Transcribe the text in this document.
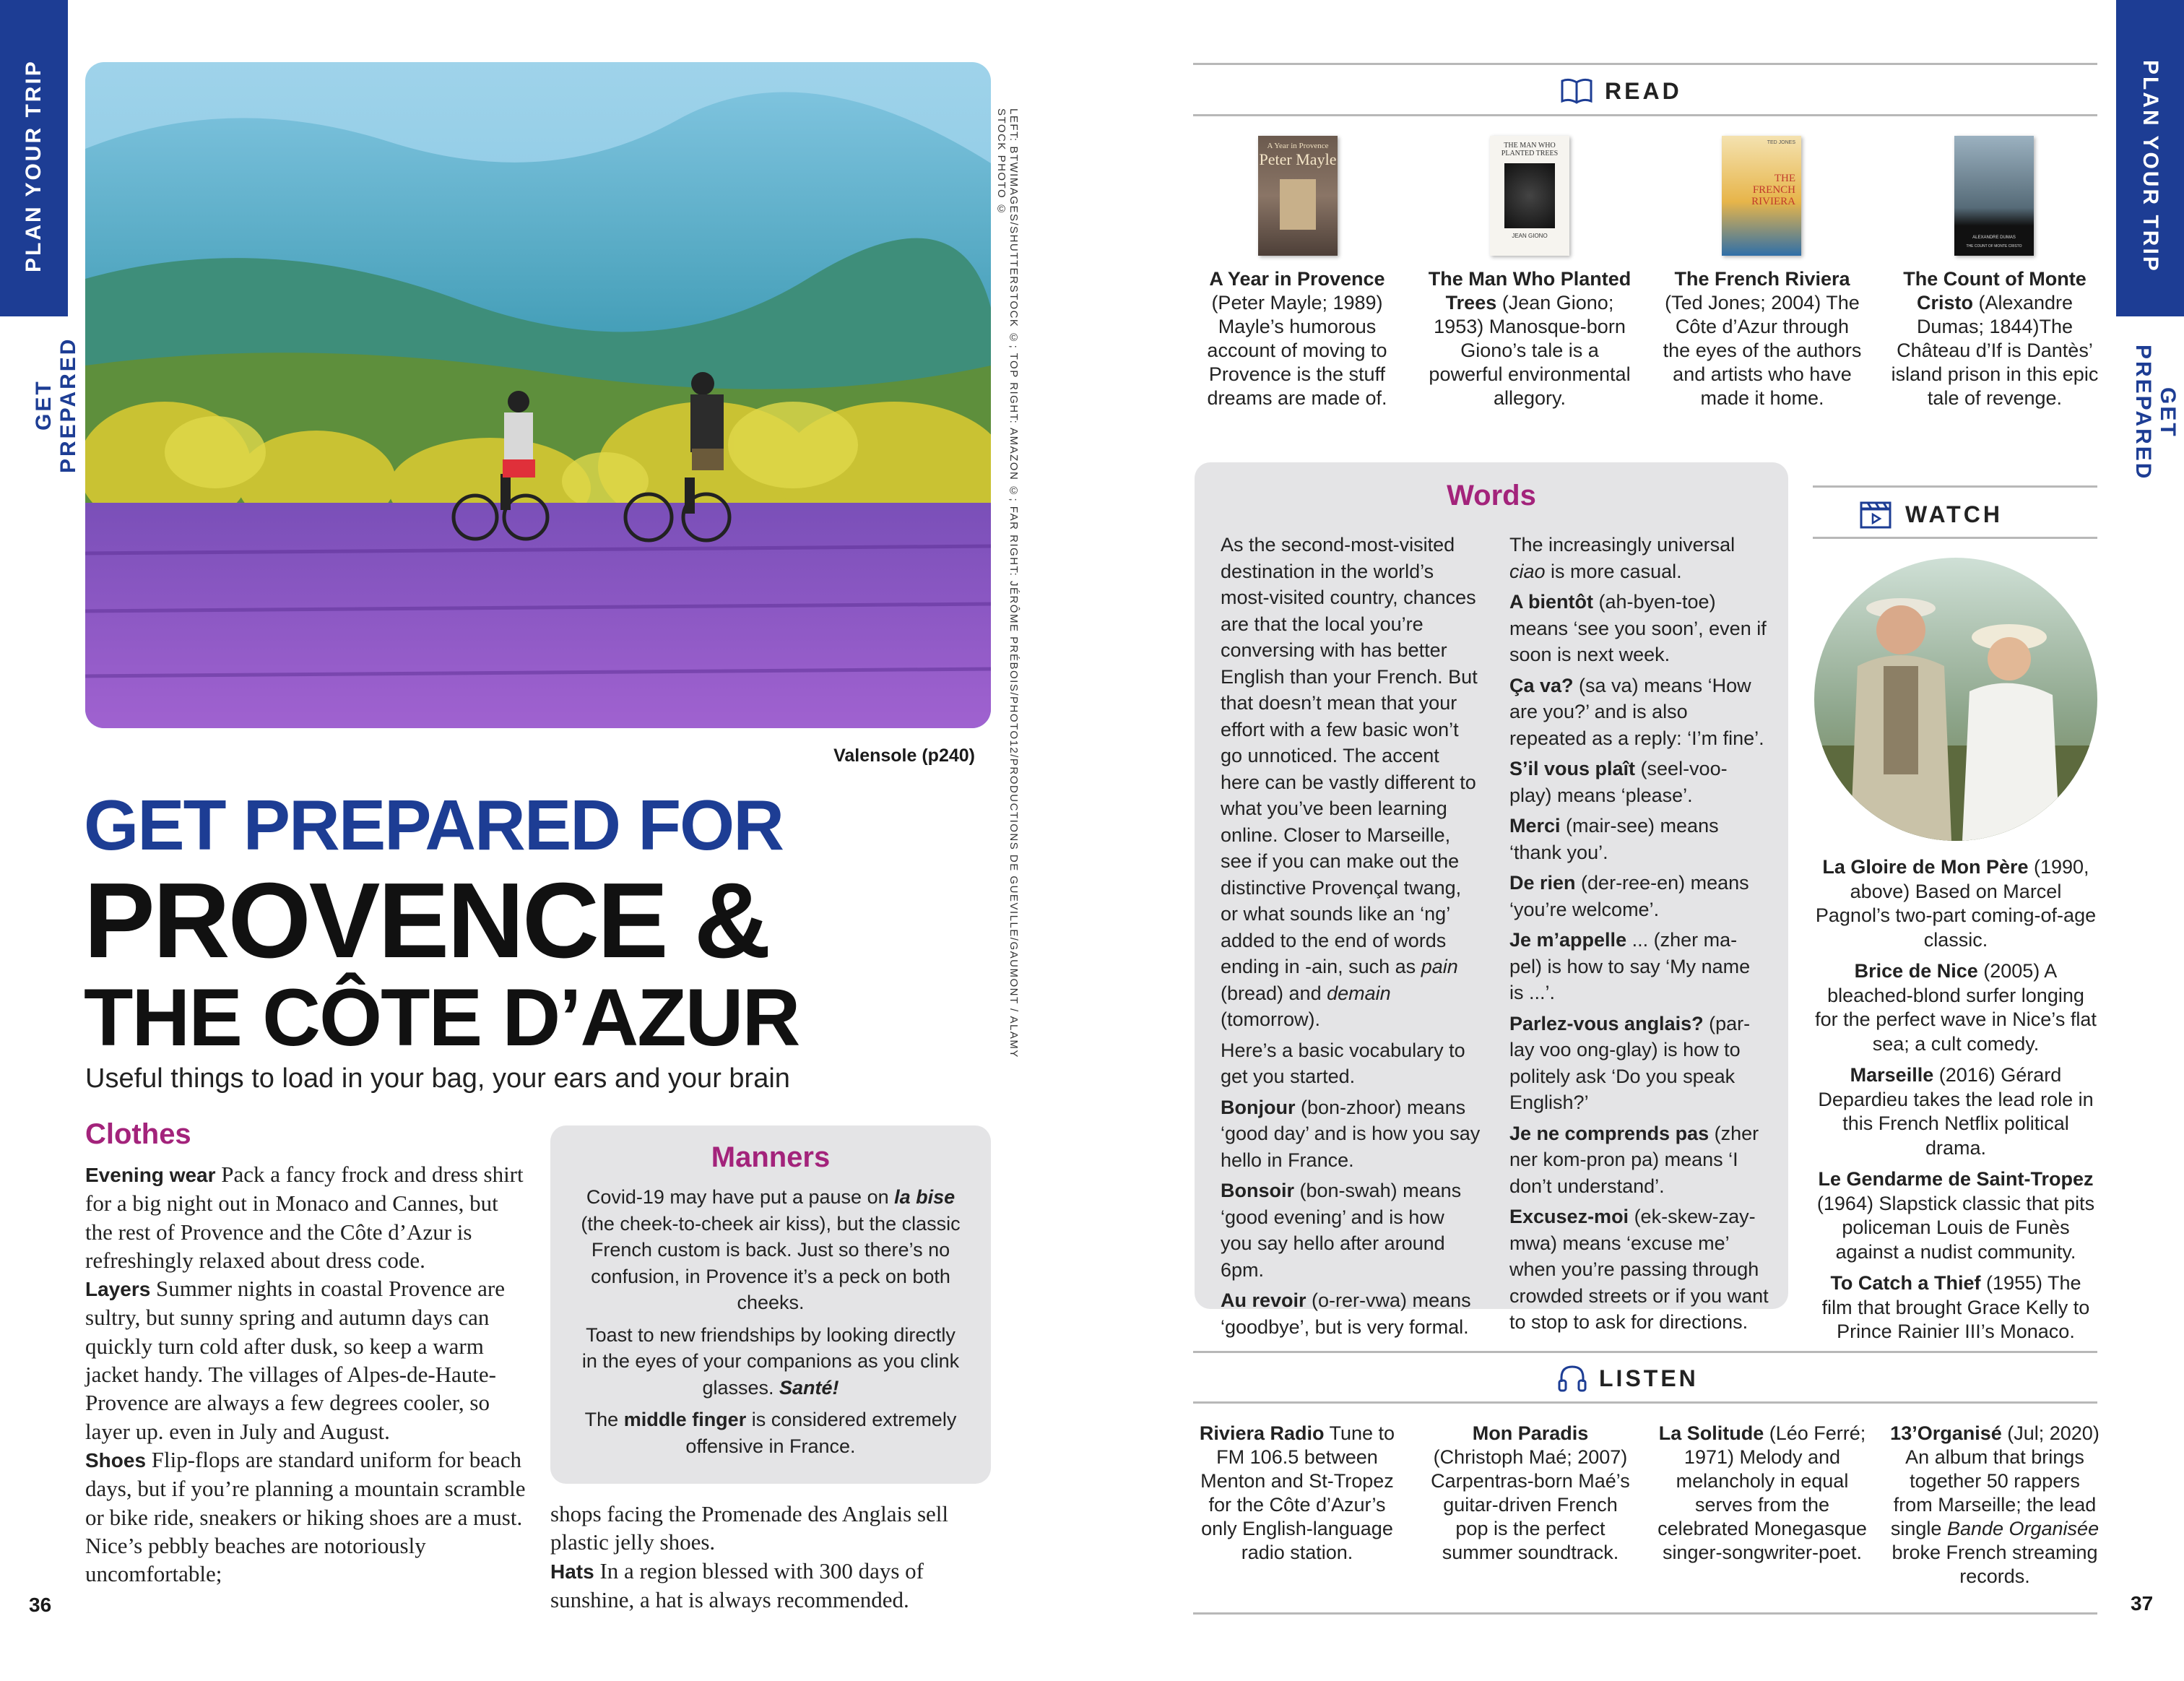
PLAN YOUR TRIP
GET PREPARED
PLAN YOUR TRIP
GET PREPARED
LEFT: BTWIMAGES/SHUTTERSTOCK ©; TOP RIGHT: AMAZON ©; FAR RIGHT: JÉRÔME PRÉBOIS/PHOTO12/PRODUCTIONS DE GUEVILLE/GAUMONT / ALAMY STOCK PHOTO ©
Valensole (p240)
GET PREPARED FOR
PROVENCE &
THE CÔTE D’AZUR
Useful things to load in your bag, your ears and your brain
Clothes
Evening wear Pack a fancy frock and dress shirt for a big night out in Monaco and Cannes, but the rest of Provence and the Côte d’Azur is refreshingly relaxed about dress code.
Layers Summer nights in coastal Provence are sultry, but sunny spring and autumn days can quickly turn cold after dusk, so keep a warm jacket handy. The villages of Alpes-de-Haute-Provence are always a few degrees cooler, so layer up. even in July and August.
Shoes Flip-flops are standard uniform for beach days, but if you’re planning a mountain scramble or bike ride, sneakers or hiking shoes are a must. Nice’s pebbly beaches are notoriously uncomfortable;
shops facing the Promenade des Anglais sell plastic jelly shoes.
Hats In a region blessed with 300 days of sunshine, a hat is always recommended.
Manners

Covid-19 may have put a pause on la bise (the cheek-to-cheek air kiss), but the classic French custom is back. Just so there’s no confusion, in Provence it’s a peck on both cheeks.

Toast to new friendships by looking directly in the eyes of your companions as you clink glasses. Santé!

The middle finger is considered extremely offensive in France.

36	37
READ
A Year in Provence
Peter Mayle
THE MAN WHO PLANTED TREES
JEAN GIONO
TED JONES
THE FRENCH RIVIERA
ALEXANDRE DUMAS
THE COUNT OF MONTE CRISTO
A Year in Provence (Peter Mayle; 1989) Mayle’s humorous account of moving to Provence is the stuff dreams are made of.
The Man Who Planted Trees (Jean Giono; 1953) Manosque-born Giono’s tale is a powerful environmental allegory.
The French Riviera (Ted Jones; 2004) The Côte d’Azur through the eyes of the authors and artists who have made it home.
The Count of Monte Cristo (Alexandre Dumas; 1844)The Château d’If is Dantès’ island prison in this epic tale of revenge.
Words

As the second-most-visited destination in the world’s most-visited country, chances are that the local you’re conversing with has better English than your French. But that doesn’t mean that your effort with a few basic won’t go unnoticed. The accent here can be vastly different to what you’ve been learning online. Closer to Marseille, see if you can make out the distinctive Provençal twang, or what sounds like an ‘ng’ added to the end of words ending in -ain, such as pain (bread) and demain (tomorrow).

Here’s a basic vocabulary to get you started.

Bonjour (bon-zhoor) means ‘good day’ and is how you say hello in France.

Bonsoir (bon-swah) means ‘good evening’ and is how you say hello after around 6pm.

Au revoir (o-rer-vwa) means ‘goodbye’, but is very formal.

The increasingly universal ciao is more casual.

A bientôt (ah-byen-toe) means ‘see you soon’, even if soon is next week.

Ça va? (sa va) means ‘How are you?’ and is also repeated as a reply: ‘I’m fine’.

S’il vous plaît (seel-voo-play) means ‘please’.

Merci (mair-see) means ‘thank you’.

De rien (der-ree-en) means ‘you’re welcome’.

Je m’appelle ... (zher ma-pel) is how to say ‘My name is ...’.

Parlez-vous anglais? (par-lay voo ong-glay) is how to politely ask ‘Do you speak English?’

Je ne comprends pas (zher ner kom-pron pa) means ‘I don’t understand’.

Excusez-moi (ek-skew-zay-mwa) means ‘excuse me’ when you’re passing through crowded streets or if you want to stop to ask for directions.

WATCH
La Gloire de Mon Père (1990, above) Based on Marcel Pagnol’s two-part coming-of-age classic.
Brice de Nice (2005) A bleached-blond surfer longing for the perfect wave in Nice’s flat sea; a cult comedy.
Marseille (2016) Gérard Depardieu takes the lead role in this French Netflix political drama.
Le Gendarme de Saint-Tropez (1964) Slapstick classic that pits policeman Louis de Funès against a nudist community.
To Catch a Thief (1955) The film that brought Grace Kelly to Prince Rainier III’s Monaco.
LISTEN
Riviera Radio Tune to FM 106.5 between Menton and St-Tropez for the Côte d’Azur’s only English-language radio station.
Mon Paradis (Christoph Maé; 2007) Carpentras-born Maé’s guitar-driven French pop is the perfect summer soundtrack.
La Solitude (Léo Ferré; 1971) Melody and melancholy in equal serves from the celebrated Monegasque singer-songwriter-poet.
13’Organisé (Jul; 2020) An album that brings together 50 rappers from Marseille; the lead single Bande Organisée broke French streaming records.
